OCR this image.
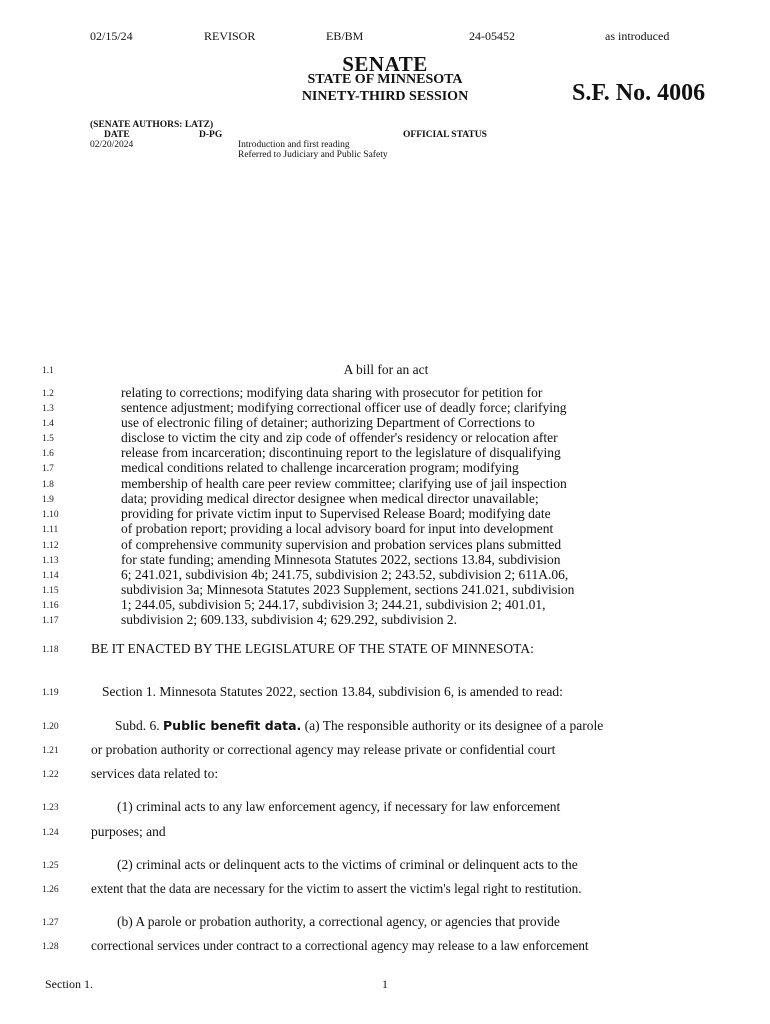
02/15/24	REVISOR	EB/BM	24-05452	as introduced
SENATE
STATE OF MINNESOTA
NINETY-THIRD SESSION	S.F. No. 4006
(SENATE AUTHORS: LATZ)
DATE	D-PG	OFFICIAL STATUS
02/20/2024	Introduction and first reading
Referred to Judiciary and Public Safety
1.1
1.2
1.3
1.4
1.5
1.6
1.7
1.8
1.9
1.10
1.11
1.12
1.13
1.14
1.15
1.16
1.17
1.18
1.19
1.20
1.21
1.22
1.23
1.24
1.25
1.26
1.27
1.28
A bill for an act
relating to corrections; modifying data sharing with prosecutor for petition for
sentence adjustment; modifying correctional officer use of deadly force; clarifying
use of electronic filing of detainer; authorizing Department of Corrections to
disclose to victim the city and zip code of offender's residency or relocation after
release from incarceration; discontinuing report to the legislature of disqualifying
medical conditions related to challenge incarceration program; modifying
membership of health care peer review committee; clarifying use of jail inspection
data; providing medical director designee when medical director unavailable;
providing for private victim input to Supervised Release Board; modifying date
of probation report; providing a local advisory board for input into development
of comprehensive community supervision and probation services plans submitted
for state funding; amending Minnesota Statutes 2022, sections 13.84, subdivision
6; 241.021, subdivision 4b; 241.75, subdivision 2; 243.52, subdivision 2; 611A.06,
subdivision 3a; Minnesota Statutes 2023 Supplement, sections 241.021, subdivision
1; 244.05, subdivision 5; 244.17, subdivision 3; 244.21, subdivision 2; 401.01,
subdivision 2; 609.133, subdivision 4; 629.292, subdivision 2.
BE IT ENACTED BY THE LEGISLATURE OF THE STATE OF MINNESOTA:
Section 1. Minnesota Statutes 2022, section 13.84, subdivision 6, is amended to read:
Subd. 6. Public benefit data. (a) The responsible authority or its designee of a parole
or probation authority or correctional agency may release private or confidential court
services data related to:
(1) criminal acts to any law enforcement agency, if necessary for law enforcement
purposes; and
(2) criminal acts or delinquent acts to the victims of criminal or delinquent acts to the
extent that the data are necessary for the victim to assert the victim's legal right to restitution.
(b) A parole or probation authority, a correctional agency, or agencies that provide
correctional services under contract to a correctional agency may release to a law enforcement
Section 1.	1
